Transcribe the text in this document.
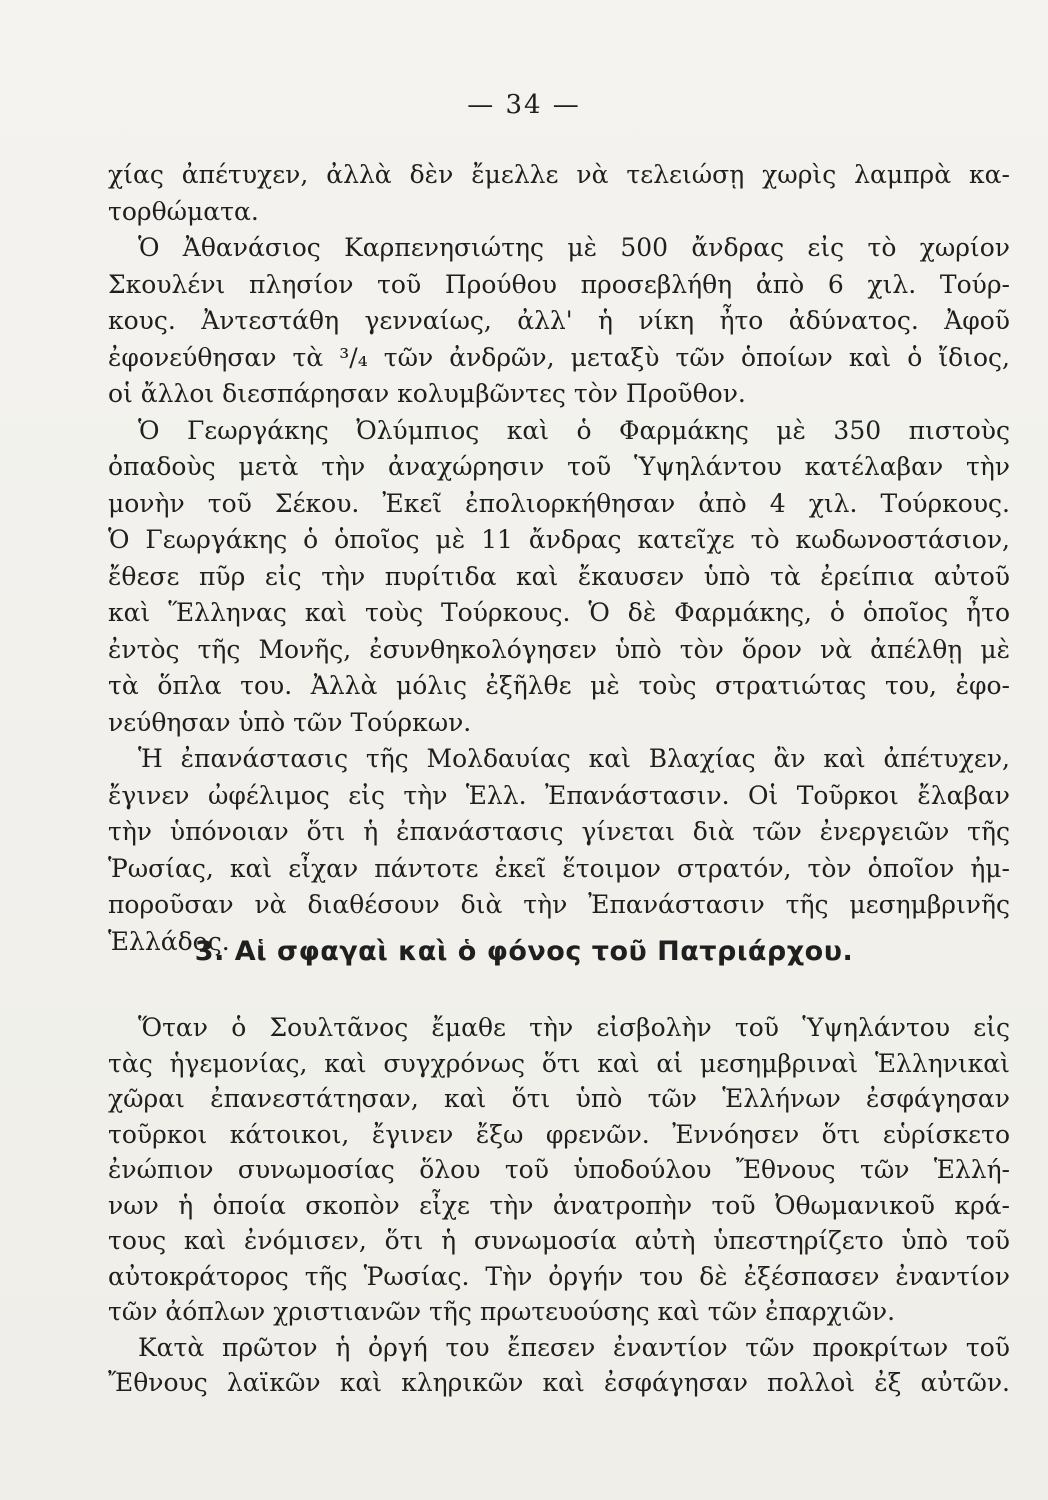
— 34 —
χίας ἀπέτυχεν, ἀλλὰ δὲν ἔμελλε νὰ τελειώσῃ χωρὶς λαμπρὰ κα-
τορθώματα.
Ὁ Ἀθανάσιος Καρπενησιώτης μὲ 500 ἄνδρας εἰς τὸ χωρίον
Σκουλένι πλησίον τοῦ Προύθου προσεβλήθη ἀπὸ 6 χιλ. Τούρ-
κους. Ἀντεστάθη γενναίως, ἀλλ' ἡ νίκη ἦτο ἀδύνατος. Ἀφοῦ
ἐφονεύθησαν τὰ ³/₄ τῶν ἀνδρῶν, μεταξὺ τῶν ὁποίων καὶ ὁ ἴδιος,
οἱ ἄλλοι διεσπάρησαν κολυμβῶντες τὸν Προῦθον.
Ὁ Γεωργάκης Ὀλύμπιος καὶ ὁ Φαρμάκης μὲ 350 πιστοὺς
ὀπαδοὺς μετὰ τὴν ἀναχώρησιν τοῦ Ὑψηλάντου κατέλαβαν τὴν
μονὴν τοῦ Σέκου. Ἐκεῖ ἐπολιορκήθησαν ἀπὸ 4 χιλ. Τούρκους.
Ὁ Γεωργάκης ὁ ὁποῖος μὲ 11 ἄνδρας κατεῖχε τὸ κωδωνοστάσιον,
ἔθεσε πῦρ εἰς τὴν πυρίτιδα καὶ ἔκαυσεν ὑπὸ τὰ ἐρείπια αὐτοῦ
καὶ Ἕλληνας καὶ τοὺς Τούρκους. Ὁ δὲ Φαρμάκης, ὁ ὁποῖος ἦτο
ἐντὸς τῆς Μονῆς, ἐσυνθηκολόγησεν ὑπὸ τὸν ὅρον νὰ ἀπέλθῃ μὲ
τὰ ὅπλα του. Ἀλλὰ μόλις ἐξῆλθε μὲ τοὺς στρατιώτας του, ἐφο-
νεύθησαν ὑπὸ τῶν Τούρκων.
Ἡ ἐπανάστασις τῆς Μολδαυίας καὶ Βλαχίας ἂν καὶ ἀπέτυχεν,
ἔγινεν ὠφέλιμος εἰς τὴν Ἑλλ. Ἐπανάστασιν. Οἱ Τοῦρκοι ἔλαβαν
τὴν ὑπόνοιαν ὅτι ἡ ἐπανάστασις γίνεται διὰ τῶν ἐνεργειῶν τῆς
Ῥωσίας, καὶ εἶχαν πάντοτε ἐκεῖ ἕτοιμον στρατόν, τὸν ὁποῖον ἠμ-
ποροῦσαν νὰ διαθέσουν διὰ τὴν Ἐπανάστασιν τῆς μεσημβρινῆς
Ἑλλάδος.
3. Αἱ σφαγαὶ καὶ ὁ φόνος τοῦ Πατριάρχου.
Ὅταν ὁ Σουλτᾶνος ἔμαθε τὴν εἰσβολὴν τοῦ Ὑψηλάντου εἰς
τὰς ἡγεμονίας, καὶ συγχρόνως ὅτι καὶ αἱ μεσημβριναὶ Ἑλληνικαὶ
χῶραι ἐπανεστάτησαν, καὶ ὅτι ὑπὸ τῶν Ἑλλήνων ἐσφάγησαν
τοῦρκοι κάτοικοι, ἔγινεν ἔξω φρενῶν. Ἐννόησεν ὅτι εὑρίσκετο
ἐνώπιον συνωμοσίας ὅλου τοῦ ὑποδούλου Ἔθνους τῶν Ἑλλή-
νων ἡ ὁποία σκοπὸν εἶχε τὴν ἀνατροπὴν τοῦ Ὀθωμανικοῦ κρά-
τους καὶ ἐνόμισεν, ὅτι ἡ συνωμοσία αὐτὴ ὑπεστηρίζετο ὑπὸ τοῦ
αὐτοκράτορος τῆς Ῥωσίας. Τὴν ὀργήν του δὲ ἐξέσπασεν ἐναντίον
τῶν ἀόπλων χριστιανῶν τῆς πρωτευούσης καὶ τῶν ἐπαρχιῶν.
Κατὰ πρῶτον ἡ ὀργή του ἔπεσεν ἐναντίον τῶν προκρίτων τοῦ
Ἔθνους λαϊκῶν καὶ κληρικῶν καὶ ἐσφάγησαν πολλοὶ ἐξ αὐτῶν.
